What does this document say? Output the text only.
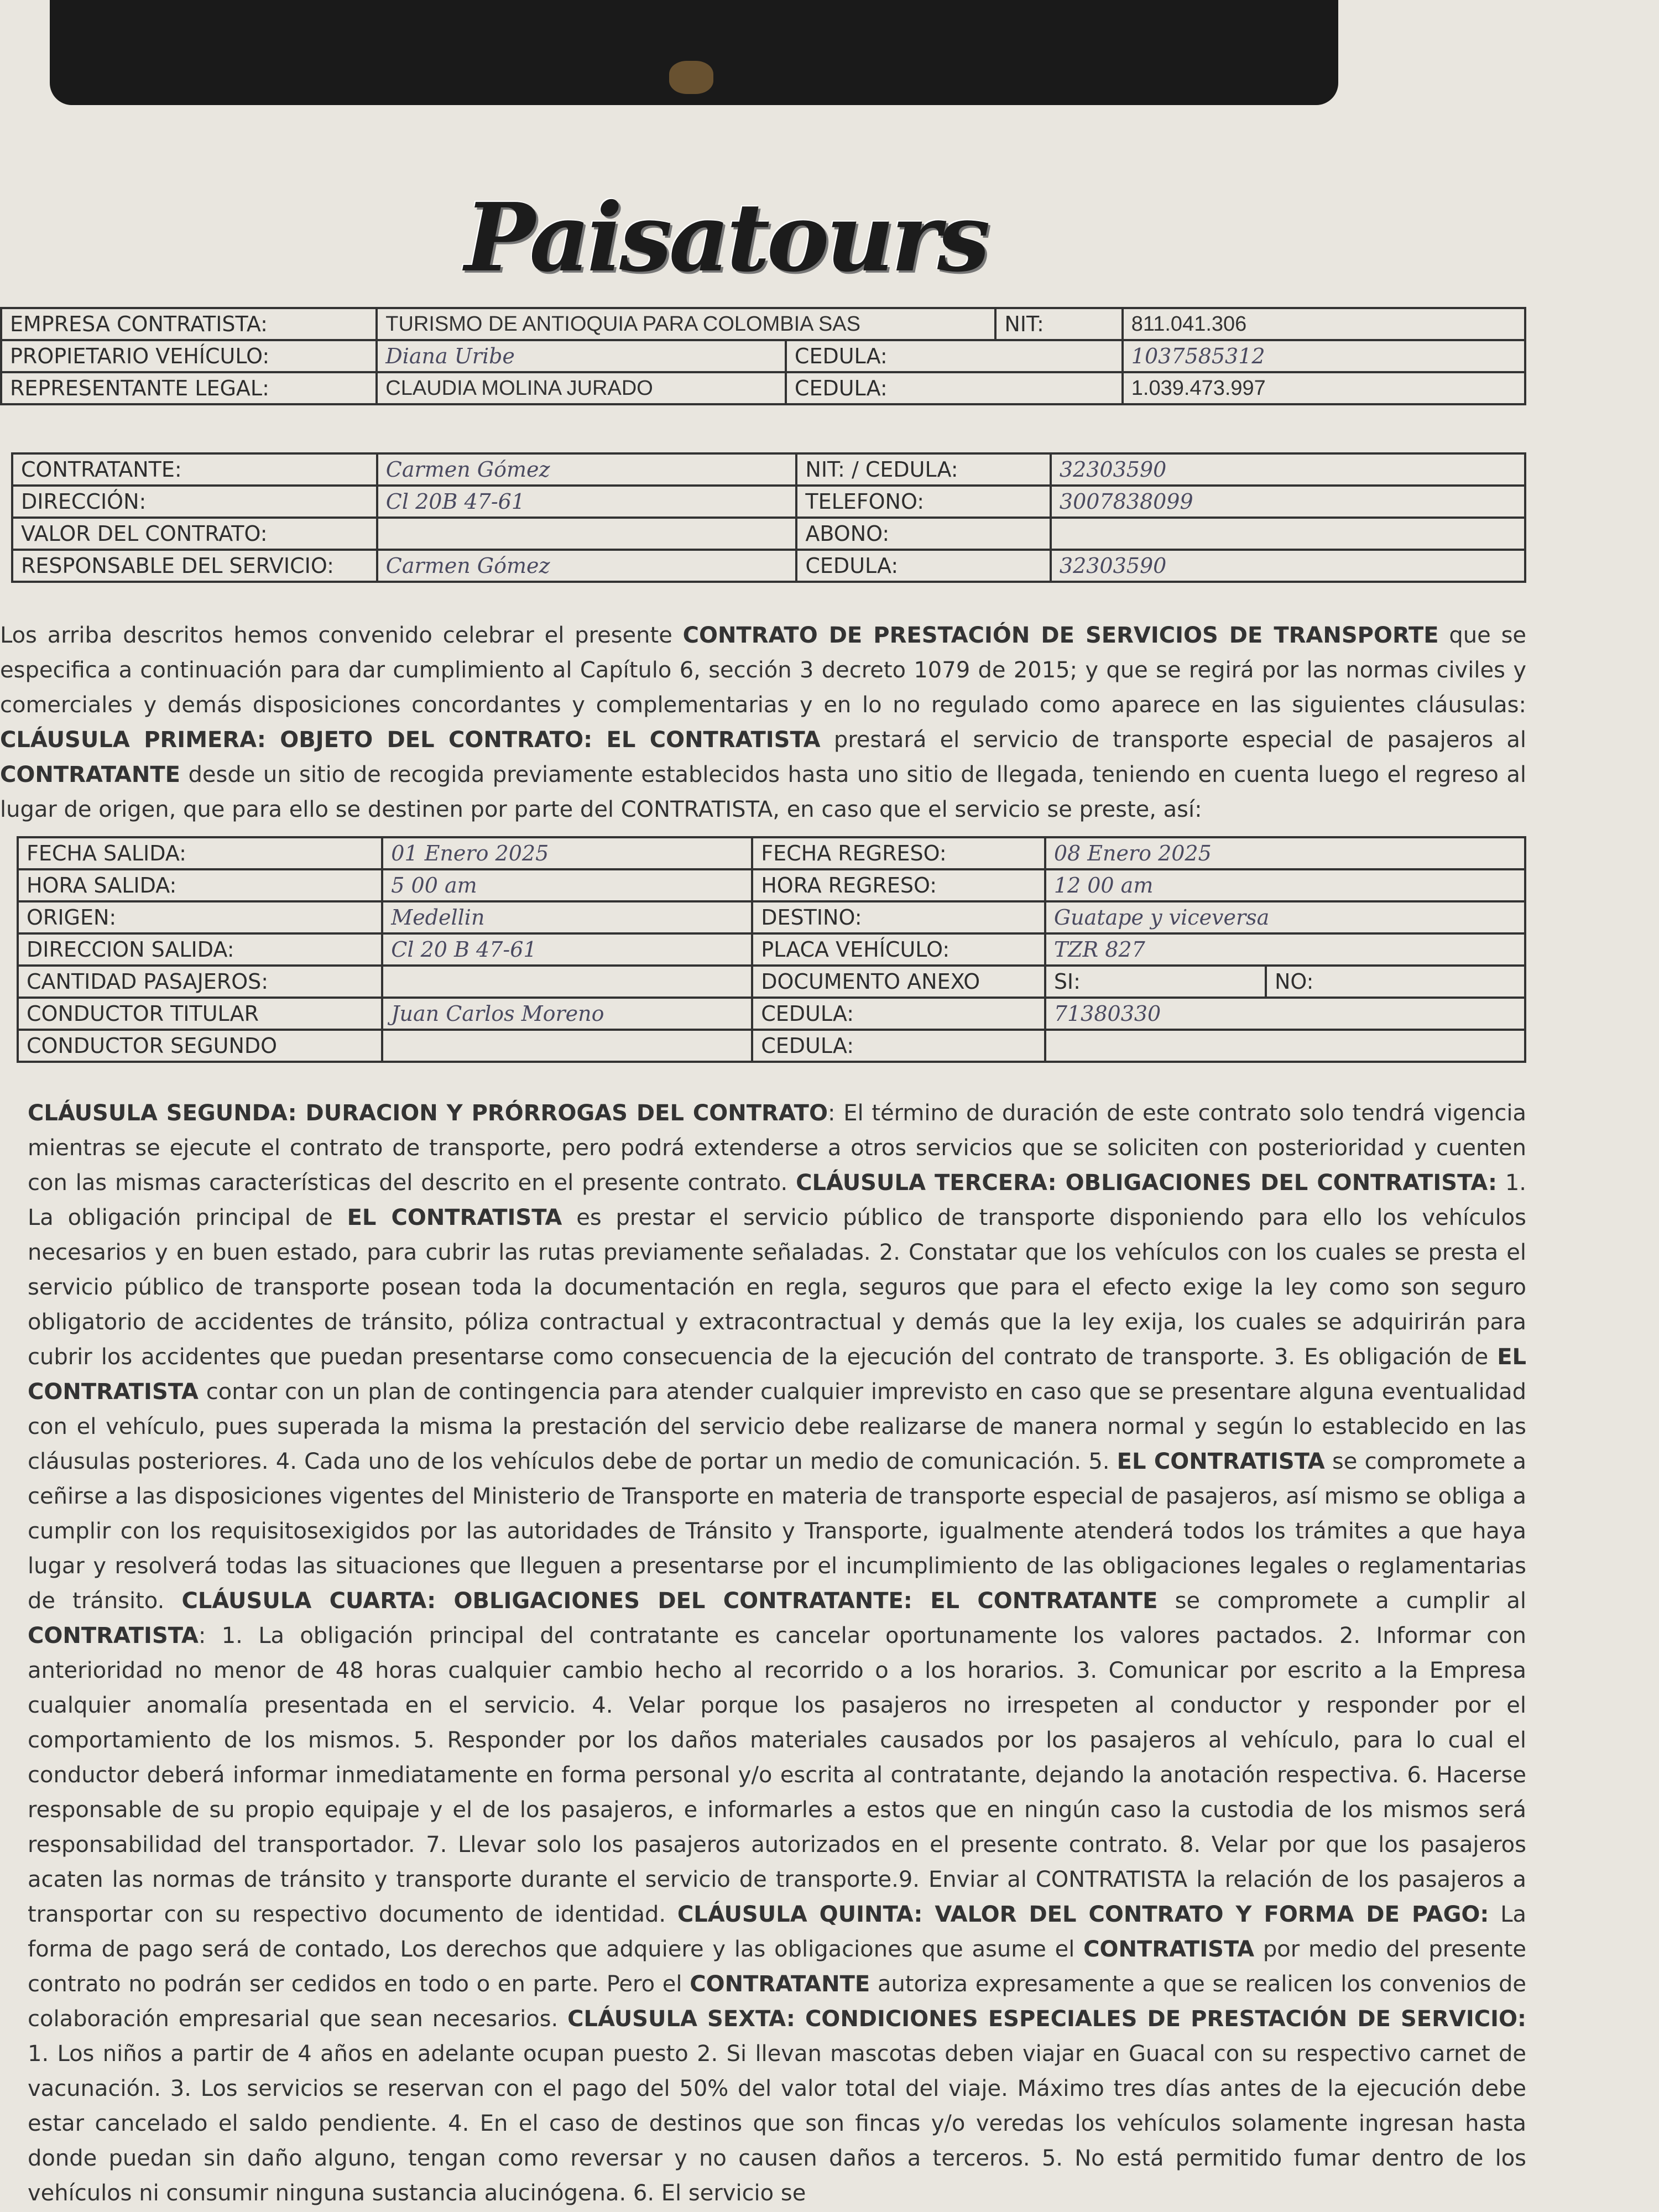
Paisatours
EMPRESA CONTRATISTA:	TURISMO DE ANTIOQUIA PARA COLOMBIA SAS		NIT:	811.041.306
PROPIETARIO VEHÍCULO:	Diana Uribe	CEDULA:		1037585312
REPRESENTANTE LEGAL:	CLAUDIA MOLINA JURADO	CEDULA:		1.039.473.997
CONTRATANTE:	Carmen Gómez	NIT: / CEDULA:	32303590
DIRECCIÓN:	Cl 20B 47-61	TELEFONO:	3007838099
VALOR DEL CONTRATO:		ABONO:	
RESPONSABLE DEL SERVICIO:	Carmen Gómez	CEDULA:	32303590
Los arriba descritos hemos convenido celebrar el presente CONTRATO DE PRESTACIÓN DE SERVICIOS DE TRANSPORTE que se especifica a continuación para dar cumplimiento al Capítulo 6, sección 3 decreto 1079 de 2015; y que se regirá por las normas civiles y comerciales y demás disposiciones concordantes y complementarias y en lo no regulado como aparece en las siguientes cláusulas: CLÁUSULA PRIMERA: OBJETO DEL CONTRATO: EL CONTRATISTA prestará el servicio de transporte especial de pasajeros al CONTRATANTE desde un sitio de recogida previamente establecidos hasta uno sitio de llegada, teniendo en cuenta luego el regreso al lugar de origen, que para ello se destinen por parte del CONTRATISTA, en caso que el servicio se preste, así:
FECHA SALIDA:	01 Enero 2025	FECHA REGRESO:	08 Enero 2025	
HORA SALIDA:	5 00 am	HORA REGRESO:	12 00 am	
ORIGEN:	Medellin	DESTINO:	Guatape y viceversa	
DIRECCION SALIDA:	Cl 20 B 47-61	PLACA VEHÍCULO:	TZR 827	
CANTIDAD PASAJEROS:		DOCUMENTO ANEXO	SI:	NO:
CONDUCTOR TITULAR	Juan Carlos Moreno	CEDULA:	71380330	
CONDUCTOR SEGUNDO		CEDULA:		
CLÁUSULA SEGUNDA: DURACION Y PRÓRROGAS DEL CONTRATO: El término de duración de este contrato solo tendrá vigencia mientras se ejecute el contrato de transporte, pero podrá extenderse a otros servicios que se soliciten con posterioridad y cuenten con las mismas características del descrito en el presente contrato. CLÁUSULA TERCERA: OBLIGACIONES DEL CONTRATISTA: 1. La obligación principal de EL CONTRATISTA es prestar el servicio público de transporte disponiendo para ello los vehículos necesarios y en buen estado, para cubrir las rutas previamente señaladas. 2. Constatar que los vehículos con los cuales se presta el servicio público de transporte posean toda la documentación en regla, seguros que para el efecto exige la ley como son seguro obligatorio de accidentes de tránsito, póliza contractual y extracontractual y demás que la ley exija, los cuales se adquirirán para cubrir los accidentes que puedan presentarse como consecuencia de la ejecución del contrato de transporte. 3. Es obligación de EL CONTRATISTA contar con un plan de contingencia para atender cualquier imprevisto en caso que se presentare alguna eventualidad con el vehículo, pues superada la misma la prestación del servicio debe realizarse de manera normal y según lo establecido en las cláusulas posteriores. 4. Cada uno de los vehículos debe de portar un medio de comunicación. 5. EL CONTRATISTA se compromete a ceñirse a las disposiciones vigentes del Ministerio de Transporte en materia de transporte especial de pasajeros, así mismo se obliga a cumplir con los requisitosexigidos por las autoridades de Tránsito y Transporte, igualmente atenderá todos los trámites a que haya lugar y resolverá todas las situaciones que lleguen a presentarse por el incumplimiento de las obligaciones legales o reglamentarias de tránsito. CLÁUSULA CUARTA: OBLIGACIONES DEL CONTRATANTE: EL CONTRATANTE se compromete a cumplir al CONTRATISTA: 1. La obligación principal del contratante es cancelar oportunamente los valores pactados. 2. Informar con anterioridad no menor de 48 horas cualquier cambio hecho al recorrido o a los horarios. 3. Comunicar por escrito a la Empresa cualquier anomalía presentada en el servicio. 4. Velar porque los pasajeros no irrespeten al conductor y responder por el comportamiento de los mismos. 5. Responder por los daños materiales causados por los pasajeros al vehículo, para lo cual el conductor deberá informar inmediatamente en forma personal y/o escrita al contratante, dejando la anotación respectiva. 6. Hacerse responsable de su propio equipaje y el de los pasajeros, e informarles a estos que en ningún caso la custodia de los mismos será responsabilidad del transportador. 7. Llevar solo los pasajeros autorizados en el presente contrato. 8. Velar por que los pasajeros acaten las normas de tránsito y transporte durante el servicio de transporte.9. Enviar al CONTRATISTA la relación de los pasajeros a transportar con su respectivo documento de identidad. CLÁUSULA QUINTA: VALOR DEL CONTRATO Y FORMA DE PAGO: La forma de pago será de contado, Los derechos que adquiere y las obligaciones que asume el CONTRATISTA por medio del presente contrato no podrán ser cedidos en todo o en parte. Pero el CONTRATANTE autoriza expresamente a que se realicen los convenios de colaboración empresarial que sean necesarios. CLÁUSULA SEXTA: CONDICIONES ESPECIALES DE PRESTACIÓN DE SERVICIO: 1. Los niños a partir de 4 años en adelante ocupan puesto 2. Si llevan mascotas deben viajar en Guacal con su respectivo carnet de vacunación. 3. Los servicios se reservan con el pago del 50% del valor total del viaje. Máximo tres días antes de la ejecución debe estar cancelado el saldo pendiente. 4. En el caso de destinos que son fincas y/o veredas los vehículos solamente ingresan hasta donde puedan sin daño alguno, tengan como reversar y no causen daños a terceros. 5. No está permitido fumar dentro de los vehículos ni consumir ninguna sustancia alucinógena. 6. El servicio se
